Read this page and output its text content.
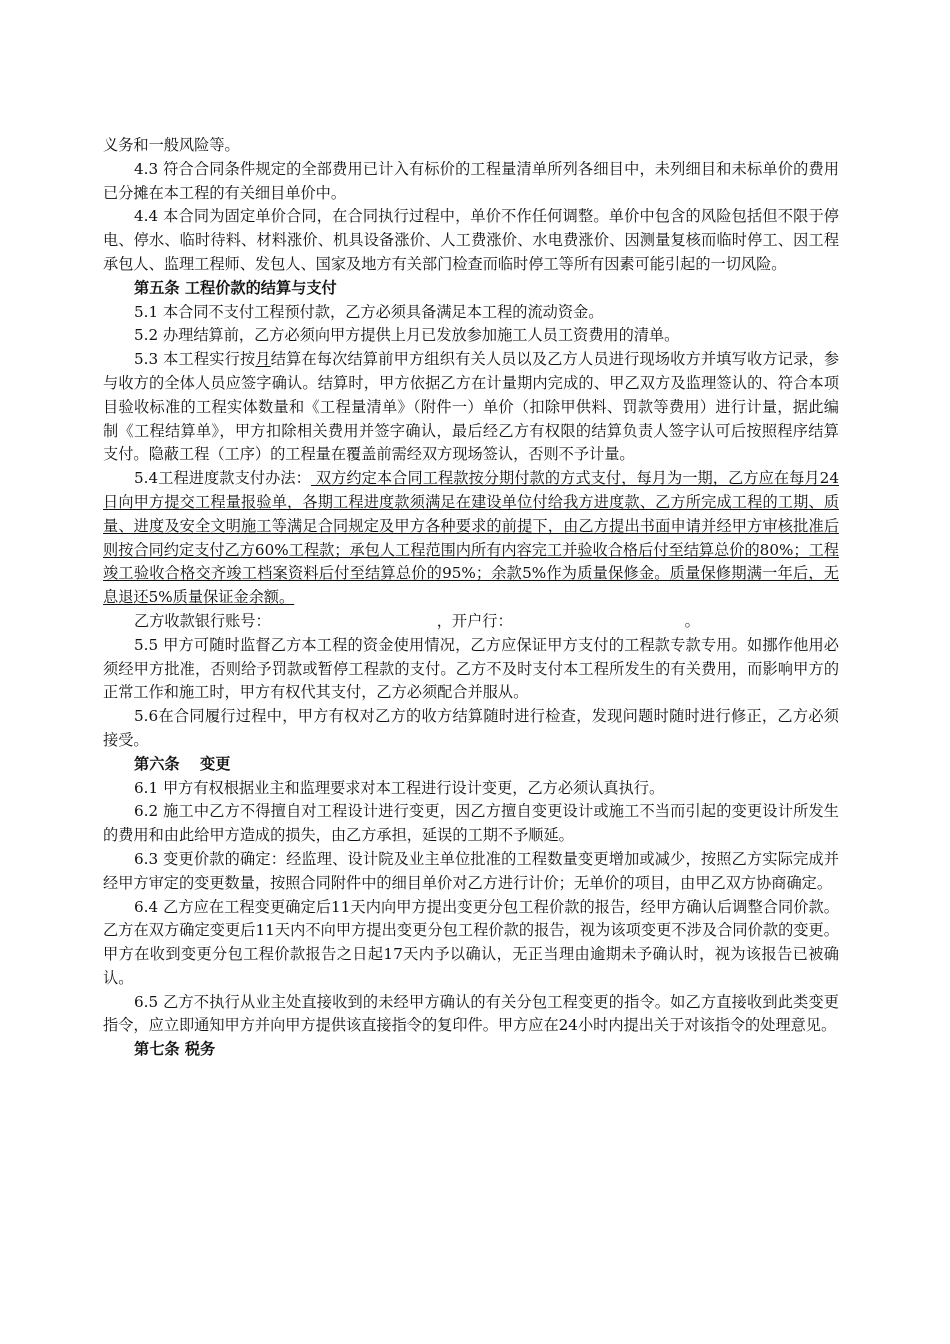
义务和一般风险等。

4.3 符合合同条件规定的全部费用已计入有标价的工程量清单所列各细目中，未列细目和未标单价的费用已分摊在本工程的有关细目单价中。

4.4 本合同为固定单价合同，在合同执行过程中，单价不作任何调整。单价中包含的风险包括但不限于停电、停水、临时待料、材料涨价、机具设备涨价、人工费涨价、水电费涨价、因测量复核而临时停工、因工程承包人、监理工程师、发包人、国家及地方有关部门检查而临时停工等所有因素可能引起的一切风险。

第五条 工程价款的结算与支付

5.1 本合同不支付工程预付款，乙方必须具备满足本工程的流动资金。

5.2 办理结算前，乙方必须向甲方提供上月已发放参加施工人员工资费用的清单。

5.3 本工程实行按月结算在每次结算前甲方组织有关人员以及乙方人员进行现场收方并填写收方记录，参与收方的全体人员应签字确认。结算时，甲方依据乙方在计量期内完成的、甲乙双方及监理签认的、符合本项目验收标准的工程实体数量和《工程量清单》（附件一）单价（扣除甲供料、罚款等费用）进行计量，据此编制《工程结算单》，甲方扣除相关费用并签字确认，最后经乙方有权限的结算负责人签字认可后按照程序结算支付。隐蔽工程（工序）的工程量在覆盖前需经双方现场签认，否则不予计量。

5.4工程进度款支付办法： 双方约定本合同工程款按分期付款的方式支付，每月为一期，乙方应在每月24日向甲方提交工程量报验单，各期工程进度款须满足在建设单位付给我方进度款、乙方所完成工程的工期、质量、进度及安全文明施工等满足合同规定及甲方各种要求的前提下，由乙方提出书面申请并经甲方审核批准后则按合同约定支付乙方60%工程款；承包人工程范围内所有内容完工并验收合格后付至结算总价的80%；工程竣工验收合格交齐竣工档案资料后付至结算总价的95%；余款5%作为质量保修金。质量保修期满一年后，无息退还5%质量保证金余额。

乙方收款银行账号：	，开户行：	。

5.5 甲方可随时监督乙方本工程的资金使用情况，乙方应保证甲方支付的工程款专款专用。如挪作他用必须经甲方批准，否则给予罚款或暂停工程款的支付。乙方不及时支付本工程所发生的有关费用，而影响甲方的正常工作和施工时，甲方有权代其支付，乙方必须配合并服从。

5.6在合同履行过程中，甲方有权对乙方的收方结算随时进行检查，发现问题时随时进行修正，乙方必须接受。

第六条　 变更

6.1 甲方有权根据业主和监理要求对本工程进行设计变更，乙方必须认真执行。

6.2 施工中乙方不得擅自对工程设计进行变更，因乙方擅自变更设计或施工不当而引起的变更设计所发生的费用和由此给甲方造成的损失，由乙方承担，延误的工期不予顺延。

6.3 变更价款的确定：经监理、设计院及业主单位批准的工程数量变更增加或减少，按照乙方实际完成并经甲方审定的变更数量，按照合同附件中的细目单价对乙方进行计价；无单价的项目，由甲乙双方协商确定。

6.4 乙方应在工程变更确定后11天内向甲方提出变更分包工程价款的报告，经甲方确认后调整合同价款。乙方在双方确定变更后11天内不向甲方提出变更分包工程价款的报告，视为该项变更不涉及合同价款的变更。甲方在收到变更分包工程价款报告之日起17天内予以确认，无正当理由逾期未予确认时，视为该报告已被确认。

6.5 乙方不执行从业主处直接收到的未经甲方确认的有关分包工程变更的指令。如乙方直接收到此类变更指令，应立即通知甲方并向甲方提供该直接指令的复印件。甲方应在24小时内提出关于对该指令的处理意见。

第七条 税务
